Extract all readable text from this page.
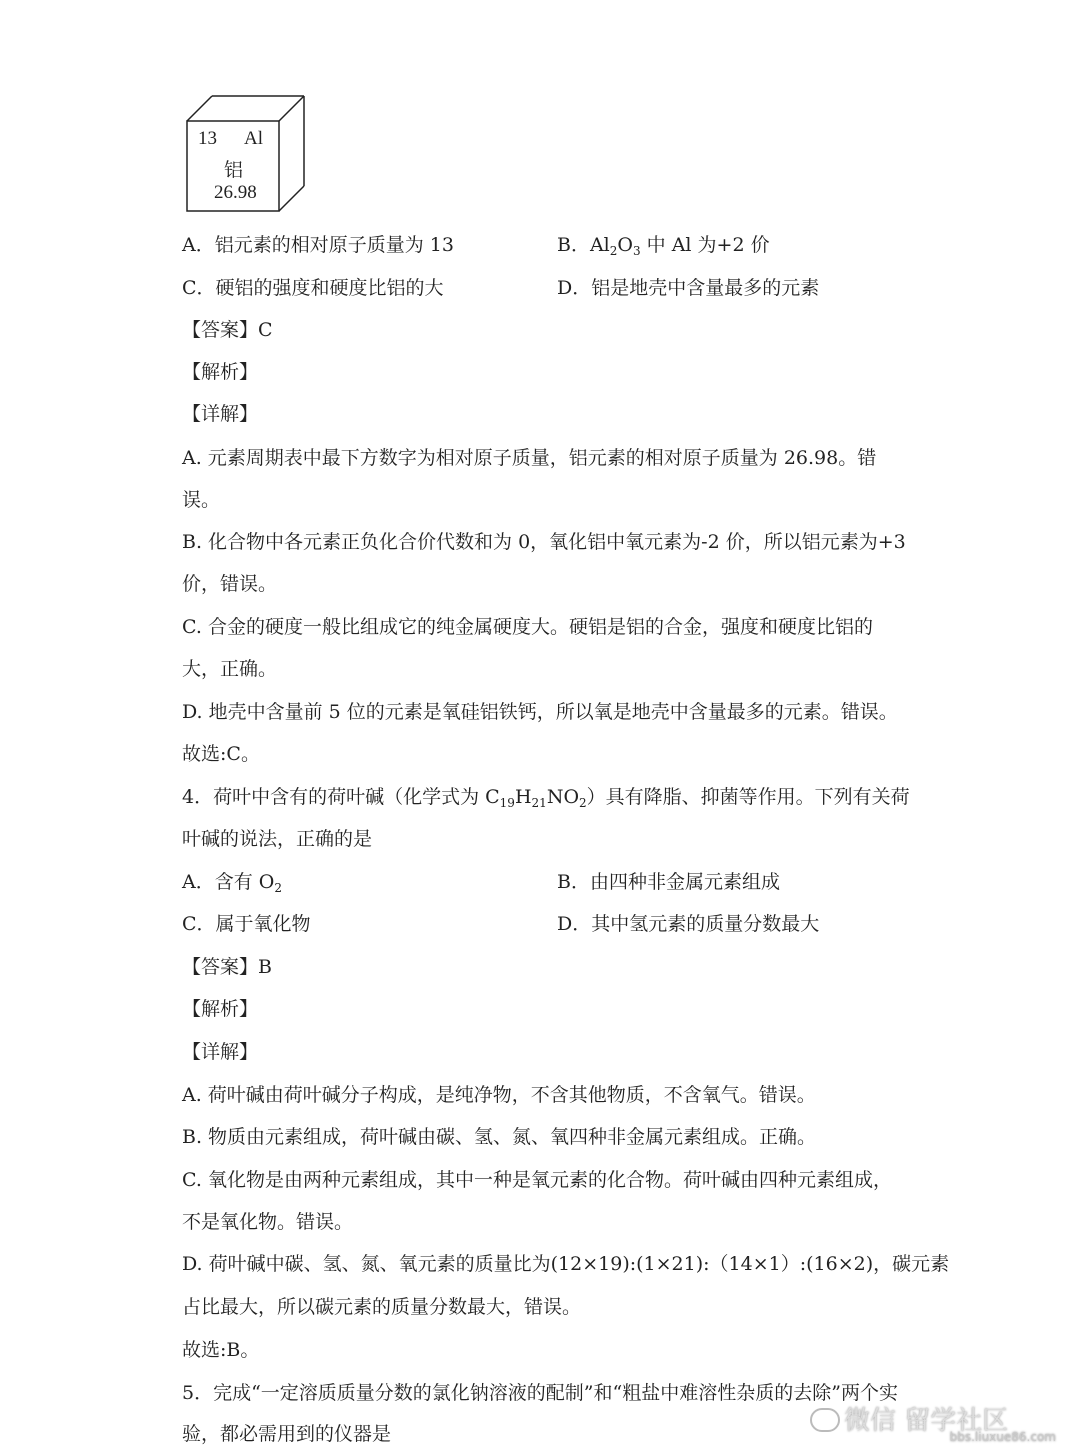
13 Al
铝
26.98
A．铝元素的相对原子质量为 13	B．$Al_2O_3$ 中 Al 为+2 价
C．硬铝的强度和硬度比铝的大	D．铝是地壳中含量最多的元素
【答案】C
【解析】
【详解】
A. 元素周期表中最下方数字为相对原子质量，铝元素的相对原子质量为 26.98。错
误。
B. 化合物中各元素正负化合价代数和为 0，氧化铝中氧元素为-2 价，所以铝元素为+3
价，错误。
C. 合金的硬度一般比组成它的纯金属硬度大。硬铝是铝的合金，强度和硬度比铝的
大，正确。
D. 地壳中含量前 5 位的元素是氧硅铝铁钙，所以氧是地壳中含量最多的元素。错误。
故选:C。
4．荷叶中含有的荷叶碱（化学式为 $C_{19}H_{21}NO_2$）具有降脂、抑菌等作用。下列有关荷
叶碱的说法，正确的是
A．含有 $O_2$	B．由四种非金属元素组成
C．属于氧化物	D．其中氢元素的质量分数最大
【答案】B
【解析】
【详解】
A. 荷叶碱由荷叶碱分子构成，是纯净物，不含其他物质，不含氧气。错误。
B. 物质由元素组成，荷叶碱由碳、氢、氮、氧四种非金属元素组成。正确。
C. 氧化物是由两种元素组成，其中一种是氧元素的化合物。荷叶碱由四种元素组成，
不是氧化物。错误。
D. 荷叶碱中碳、氢、氮、氧元素的质量比为(12×19):(1×21):（14×1）:(16×2)，碳元素
占比最大，所以碳元素的质量分数最大，错误。
故选:B。
5．完成“一定溶质质量分数的氯化钠溶液的配制”和“粗盐中难溶性杂质的去除”两个实
验，都必需用到的仪器是	微信 留学社区
bbs.liuxue86.com
